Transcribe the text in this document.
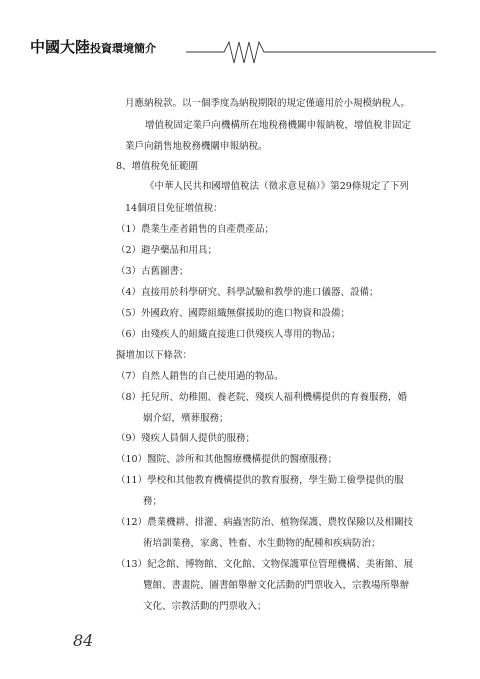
中國大陸投資環境簡介
月應納稅款。以一個季度為納稅期限的規定僅適用於小規模納稅人。
增值稅固定業戶向機構所在地稅務機關申報納稅，增值稅非固定
業戶向銷售地稅務機關申報納稅。
8、增值稅免征範圍
《中華人民共和國增值稅法（徵求意見稿）》第29條規定了下列
14個項目免征增值稅：
（1）農業生產者銷售的自產農產品；
（2）避孕藥品和用具；
（3）古舊圖書；
（4）直接用於科學研究、科學試驗和教學的進口儀器、設備；
（5）外國政府、國際組織無償援助的進口物資和設備；
（6）由殘疾人的組織直接進口供殘疾人專用的物品；
擬增加以下條款：
（7）自然人銷售的自己使用過的物品。
（8）托兒所、幼稚園、養老院、殘疾人福利機構提供的育養服務，婚
姻介紹，殯葬服務；
（9）殘疾人員個人提供的服務；
（10）醫院、診所和其他醫療機構提供的醫療服務；
（11）學校和其他教育機構提供的教育服務，學生勤工儉學提供的服
務；
（12）農業機耕、排灌、病蟲害防治、植物保護、農牧保險以及相關技
術培訓業務，家禽、牲畜、水生動物的配種和疾病防治；
（13）紀念館、博物館、文化館、文物保護單位管理機構、美術館、展
覽館、書畫院、圖書館舉辦文化活動的門票收入，宗教場所舉辦
文化、宗教活動的門票收入；
84
